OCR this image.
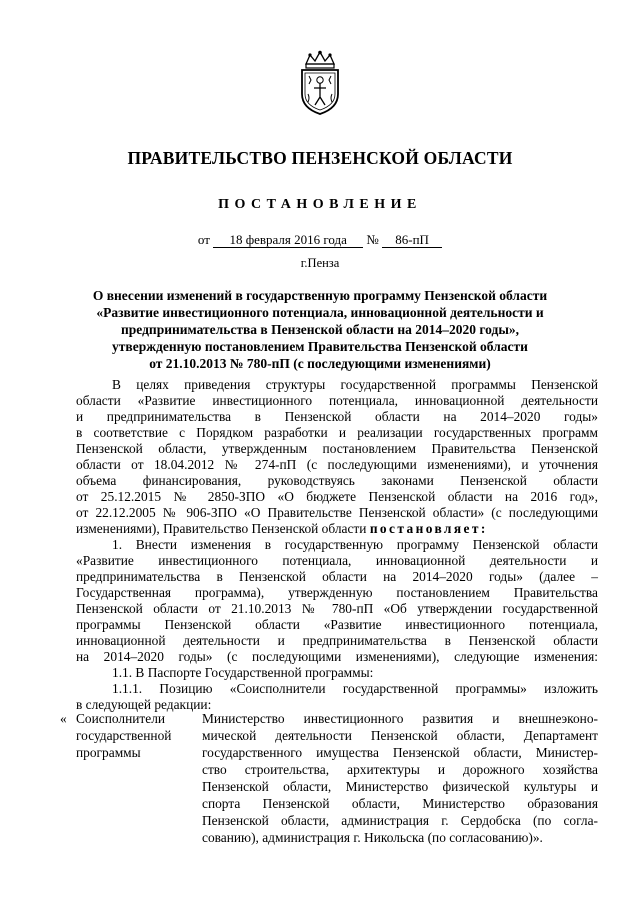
ПРАВИТЕЛЬСТВО ПЕНЗЕНСКОЙ ОБЛАСТИ
ПОСТАНОВЛЕНИЕ
от 18 февраля 2016 года № 86-пП
г.Пенза
О внесении изменений в государственную программу Пензенской области
«Развитие инвестиционного потенциала, инновационной деятельности и
предпринимательства в Пензенской области на 2014–2020 годы»,
утвержденную постановлением Правительства Пензенской области
от 21.10.2013 № 780-пП (с последующими изменениями)
В целях приведения структуры государственной программы Пензенской
области «Развитие инвестиционного потенциала, инновационной деятельности
и предпринимательства в Пензенской области на 2014–2020 годы»
в соответствие с Порядком разработки и реализации государственных программ
Пензенской области, утвержденным постановлением Правительства Пензенской
области от 18.04.2012 № 274-пП (с последующими изменениями), и уточнения
объема финансирования, руководствуясь законами Пензенской области
от 25.12.2015 № 2850-ЗПО «О бюджете Пензенской области на 2016 год»,
от 22.12.2005 № 906-ЗПО «О Правительстве Пензенской области» (с последующими
изменениями), Правительство Пензенской области постановляет:
1. Внести изменения в государственную программу Пензенской области
«Развитие инвестиционного потенциала, инновационной деятельности и
предпринимательства в Пензенской области на 2014–2020 годы» (далее –
Государственная программа), утвержденную постановлением Правительства
Пензенской области от 21.10.2013 № 780-пП «Об утверждении государственной
программы Пензенской области «Развитие инвестиционного потенциала,
инновационной деятельности и предпринимательства в Пензенской области
на 2014–2020 годы» (с последующими изменениями), следующие изменения:
1.1. В Паспорте Государственной программы:
1.1.1. Позицию «Соисполнители государственной программы» изложить
в следующей редакции:
« Соисполнители
государственной
программы
Министерство инвестиционного развития и внешнеэконо-
мической деятельности Пензенской области, Департамент
государственного имущества Пензенской области, Министер-
ство строительства, архитектуры и дорожного хозяйства
Пензенской области, Министерство физической культуры и
спорта Пензенской области, Министерство образования
Пензенской области, администрация г. Сердобска (по согла-
сованию), администрация г. Никольска (по согласованию)».
